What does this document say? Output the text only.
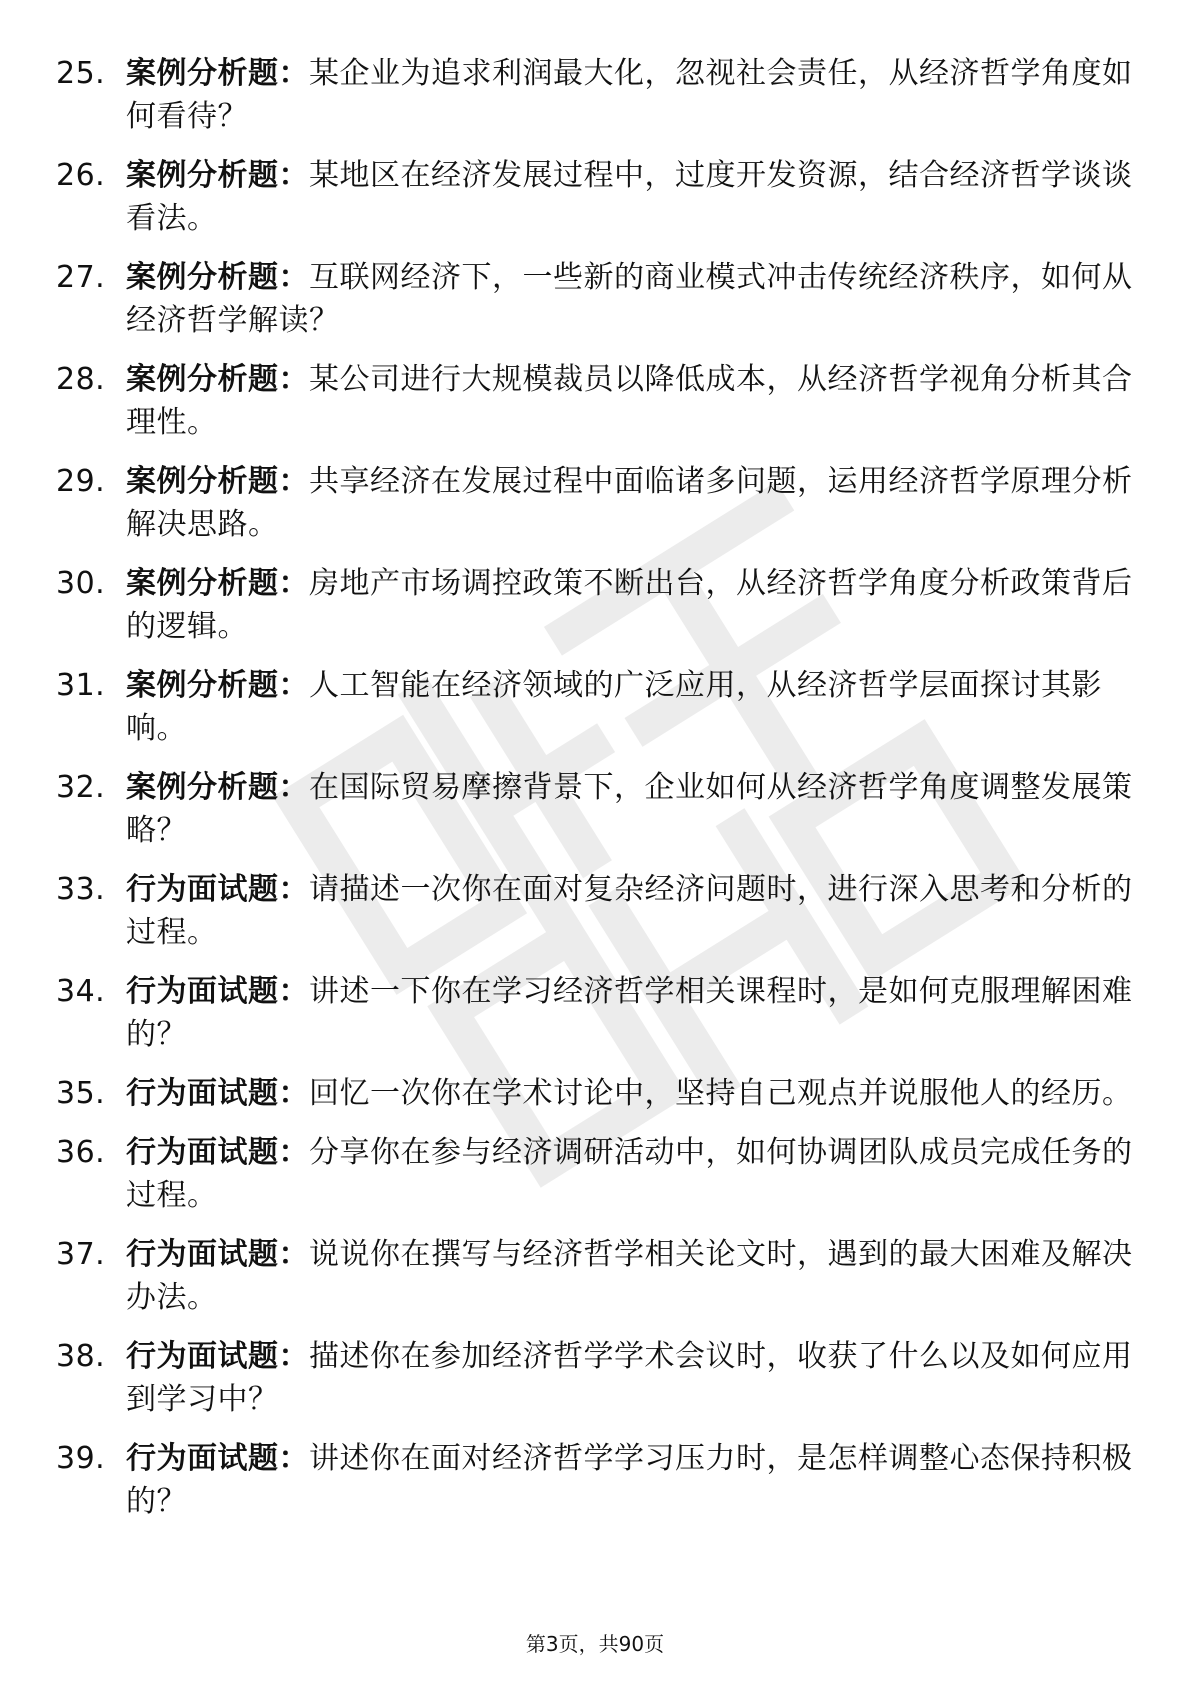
25. 案例分析题：某企业为追求利润最大化，忽视社会责任，从经济哲学角度如何看待？
26. 案例分析题：某地区在经济发展过程中，过度开发资源，结合经济哲学谈谈看法。
27. 案例分析题：互联网经济下，一些新的商业模式冲击传统经济秩序，如何从经济哲学解读？
28. 案例分析题：某公司进行大规模裁员以降低成本，从经济哲学视角分析其合理性。
29. 案例分析题：共享经济在发展过程中面临诸多问题，运用经济哲学原理分析解决思路。
30. 案例分析题：房地产市场调控政策不断出台，从经济哲学角度分析政策背后的逻辑。
31. 案例分析题：人工智能在经济领域的广泛应用，从经济哲学层面探讨其影响。
32. 案例分析题：在国际贸易摩擦背景下，企业如何从经济哲学角度调整发展策略？
33. 行为面试题：请描述一次你在面对复杂经济问题时，进行深入思考和分析的过程。
34. 行为面试题：讲述一下你在学习经济哲学相关课程时，是如何克服理解困难的？
35. 行为面试题：回忆一次你在学术讨论中，坚持自己观点并说服他人的经历。
36. 行为面试题：分享你在参与经济调研活动中，如何协调团队成员完成任务的过程。
37. 行为面试题：说说你在撰写与经济哲学相关论文时，遇到的最大困难及解决办法。
38. 行为面试题：描述你在参加经济哲学学术会议时，收获了什么以及如何应用到学习中？
39. 行为面试题：讲述你在面对经济哲学学习压力时，是怎样调整心态保持积极的？
第3页，共90页
